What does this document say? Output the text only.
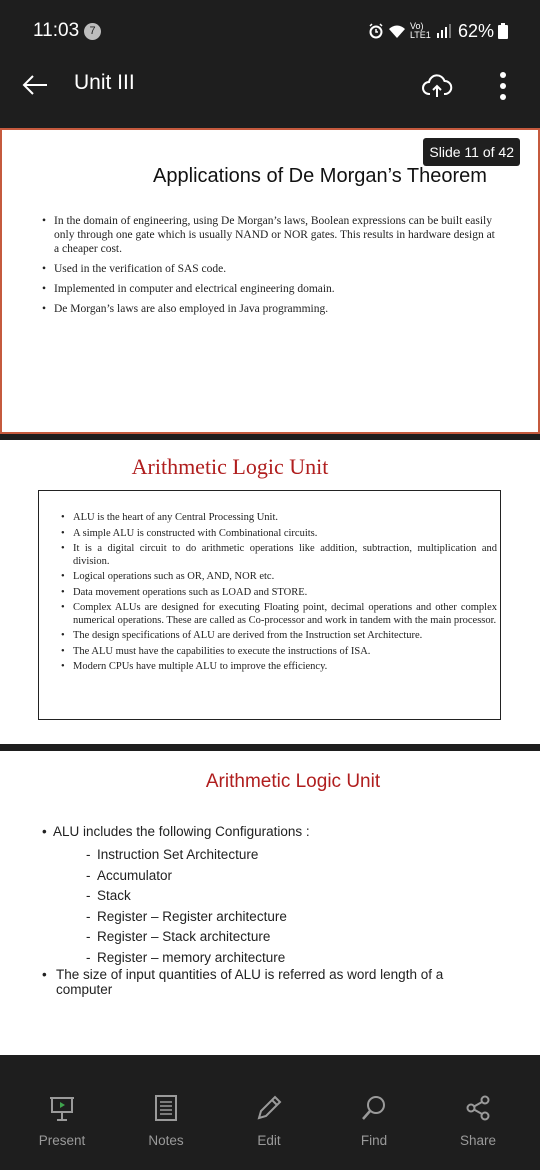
11:03 7	Vo) LTE1 62%
Unit III
Slide 11 of 42
Applications of De Morgan’s Theorem
• In the domain of engineering, using De Morgan’s laws, Boolean expressions can be built easily only through one gate which is usually NAND or NOR gates. This results in hardware design at a cheaper cost.
• Used in the verification of SAS code.
• Implemented in computer and electrical engineering domain.
• De Morgan’s laws are also employed in Java programming.
Arithmetic Logic Unit
• ALU is the heart of any Central Processing Unit.
• A simple ALU is constructed with Combinational circuits.
• It is a digital circuit to do arithmetic operations like addition, subtraction, multiplication and division.
• Logical operations such as OR, AND, NOR etc.
• Data movement operations such as LOAD and STORE.
• Complex ALUs are designed for executing Floating point, decimal operations and other complex numerical operations. These are called as Co-processor and work in tandem with the main processor.
• The design specifications of ALU are derived from the Instruction set Architecture.
• The ALU must have the capabilities to execute the instructions of ISA.
• Modern CPUs have multiple ALU to improve the efficiency.
Arithmetic Logic Unit
• ALU includes the following Configurations :
- Instruction Set Architecture
- Accumulator
- Stack
- Register – Register architecture
- Register – Stack architecture
- Register – memory architecture
• The size of input quantities of ALU is referred as word length of a computer
Present	Notes	Edit	Find	Share
